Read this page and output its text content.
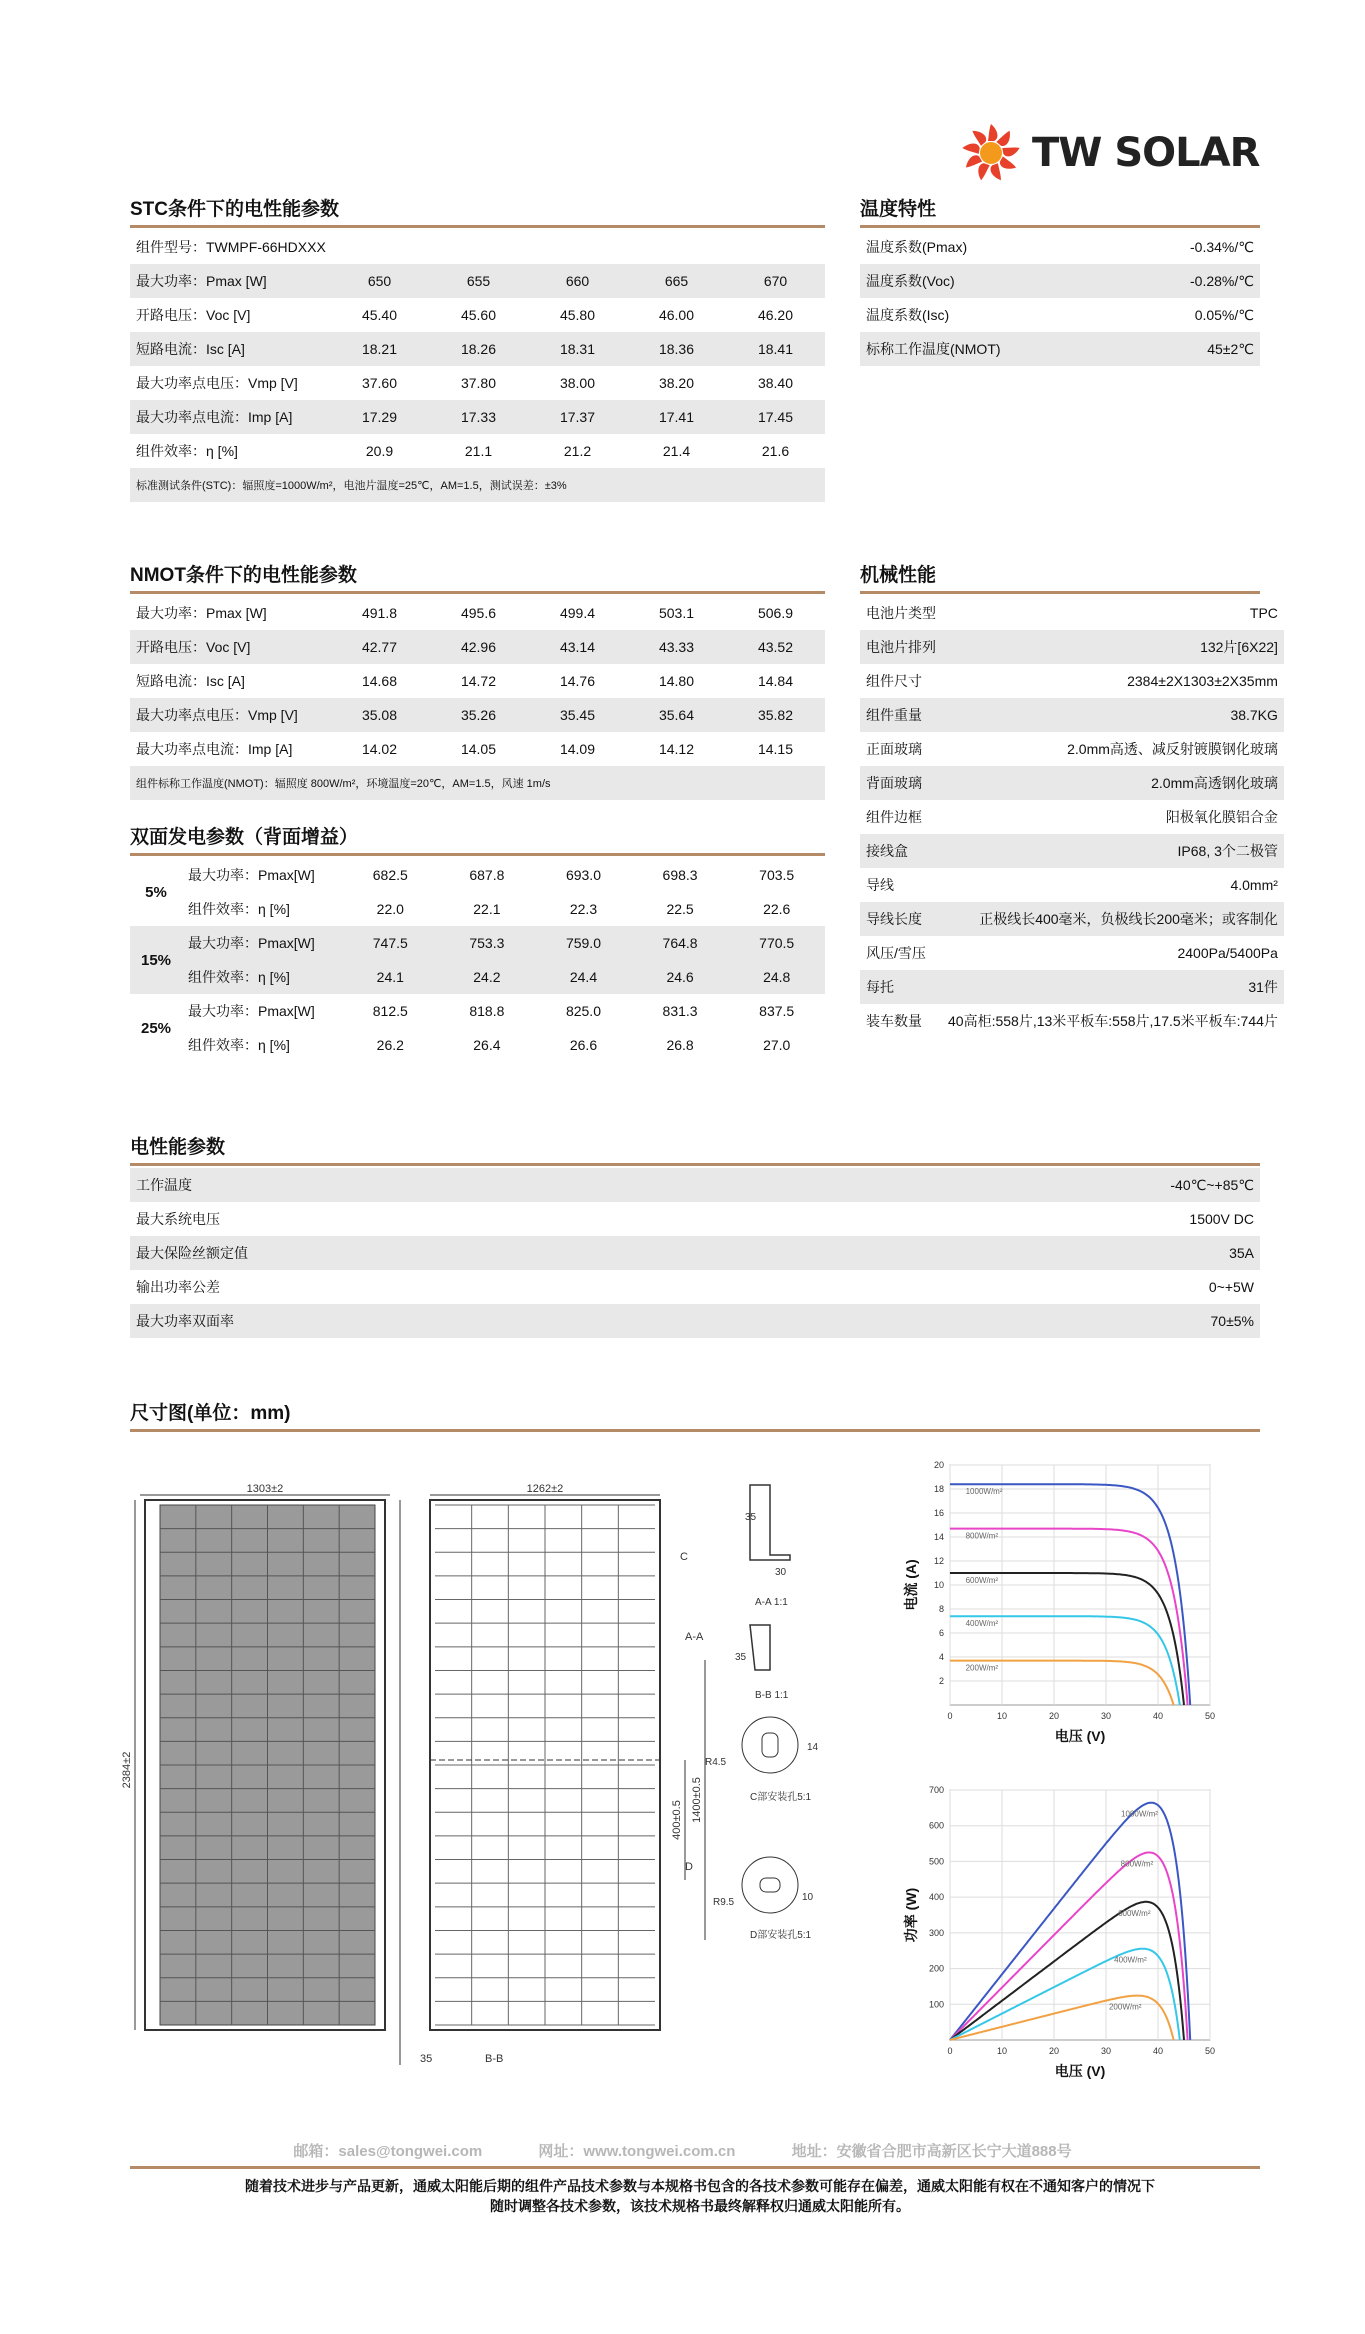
TW SOLAR
STC条件下的电性能参数
组件型号：TWMPF-66HDXXX					
最大功率：Pmax [W]	650	655	660	665	670
开路电压：Voc [V]	45.40	45.60	45.80	46.00	46.20
短路电流：Isc [A]	18.21	18.26	18.31	18.36	18.41
最大功率点电压：Vmp [V]	37.60	37.80	38.00	38.20	38.40
最大功率点电流：Imp [A]	17.29	17.33	17.37	17.41	17.45
组件效率：η [%]	20.9	21.1	21.2	21.4	21.6
标准测试条件(STC)：辐照度=1000W/m²，电池片温度=25℃，AM=1.5，测试误差：±3%
温度特性
温度系数(Pmax)	-0.34%/℃
温度系数(Voc)	-0.28%/℃
温度系数(Isc)	0.05%/℃
标称工作温度(NMOT)	45±2℃
NMOT条件下的电性能参数
最大功率：Pmax [W]	491.8	495.6	499.4	503.1	506.9
开路电压：Voc [V]	42.77	42.96	43.14	43.33	43.52
短路电流：Isc [A]	14.68	14.72	14.76	14.80	14.84
最大功率点电压：Vmp [V]	35.08	35.26	35.45	35.64	35.82
最大功率点电流：Imp [A]	14.02	14.05	14.09	14.12	14.15
组件标称工作温度(NMOT)：辐照度 800W/m²，环境温度=20℃，AM=1.5，风速 1m/s
双面发电参数（背面增益）
5%	最大功率：Pmax[W]	682.5	687.8	693.0	698.3	703.5
	组件效率：η [%]	22.0	22.1	22.3	22.5	22.6
15%	最大功率：Pmax[W]	747.5	753.3	759.0	764.8	770.5
	组件效率：η [%]	24.1	24.2	24.4	24.6	24.8
25%	最大功率：Pmax[W]	812.5	818.8	825.0	831.3	837.5
	组件效率：η [%]	26.2	26.4	26.6	26.8	27.0
机械性能
电池片类型	TPC
电池片排列	132片[6X22]
组件尺寸	2384±2X1303±2X35mm
组件重量	38.7KG
正面玻璃	2.0mm高透、减反射镀膜钢化玻璃
背面玻璃	2.0mm高透钢化玻璃
组件边框	阳极氧化膜铝合金
接线盒	IP68, 3个二极管
导线	4.0mm²
导线长度	正极线长400毫米，负极线长200毫米；或客制化
风压/雪压	2400Pa/5400Pa
每托	31件
装车数量	40高柜:558片,13米平板车:558片,17.5米平板车:744片
电性能参数
工作温度	-40℃~+85℃
最大系统电压	1500V DC
最大保险丝额定值	35A
输出功率公差	0~+5W
最大功率双面率	70±5%
尺寸图(单位：mm)
1303±2
2384±2
35
1262±2
400±0.5 1400±0.5
A-A
C
D
B-B
35
30
A-A 1:1
35
B-B 1:1
R4.5
14
C部安装孔5:1
R9.5	10
D部安装孔5:1
2
4
6
8
10
12
14
16
18
20
0	10	20	30	40	50
电压 (V)
电流 (A)
1000W/m²
800W/m²
600W/m²
400W/m²
200W/m²
100
200
300
400
500
600
700
0	10	20	30	40	50
电压 (V)
功率 (W)
1000W/m²
800W/m²
600W/m²
400W/m²
200W/m²
邮箱：sales@tongwei.com	网址：www.tongwei.com.cn	地址：安徽省合肥市高新区长宁大道888号
随着技术进步与产品更新，通威太阳能后期的组件产品技术参数与本规格书包含的各技术参数可能存在偏差，通威太阳能有权在不通知客户的情况下
随时调整各技术参数，该技术规格书最终解释权归通威太阳能所有。
